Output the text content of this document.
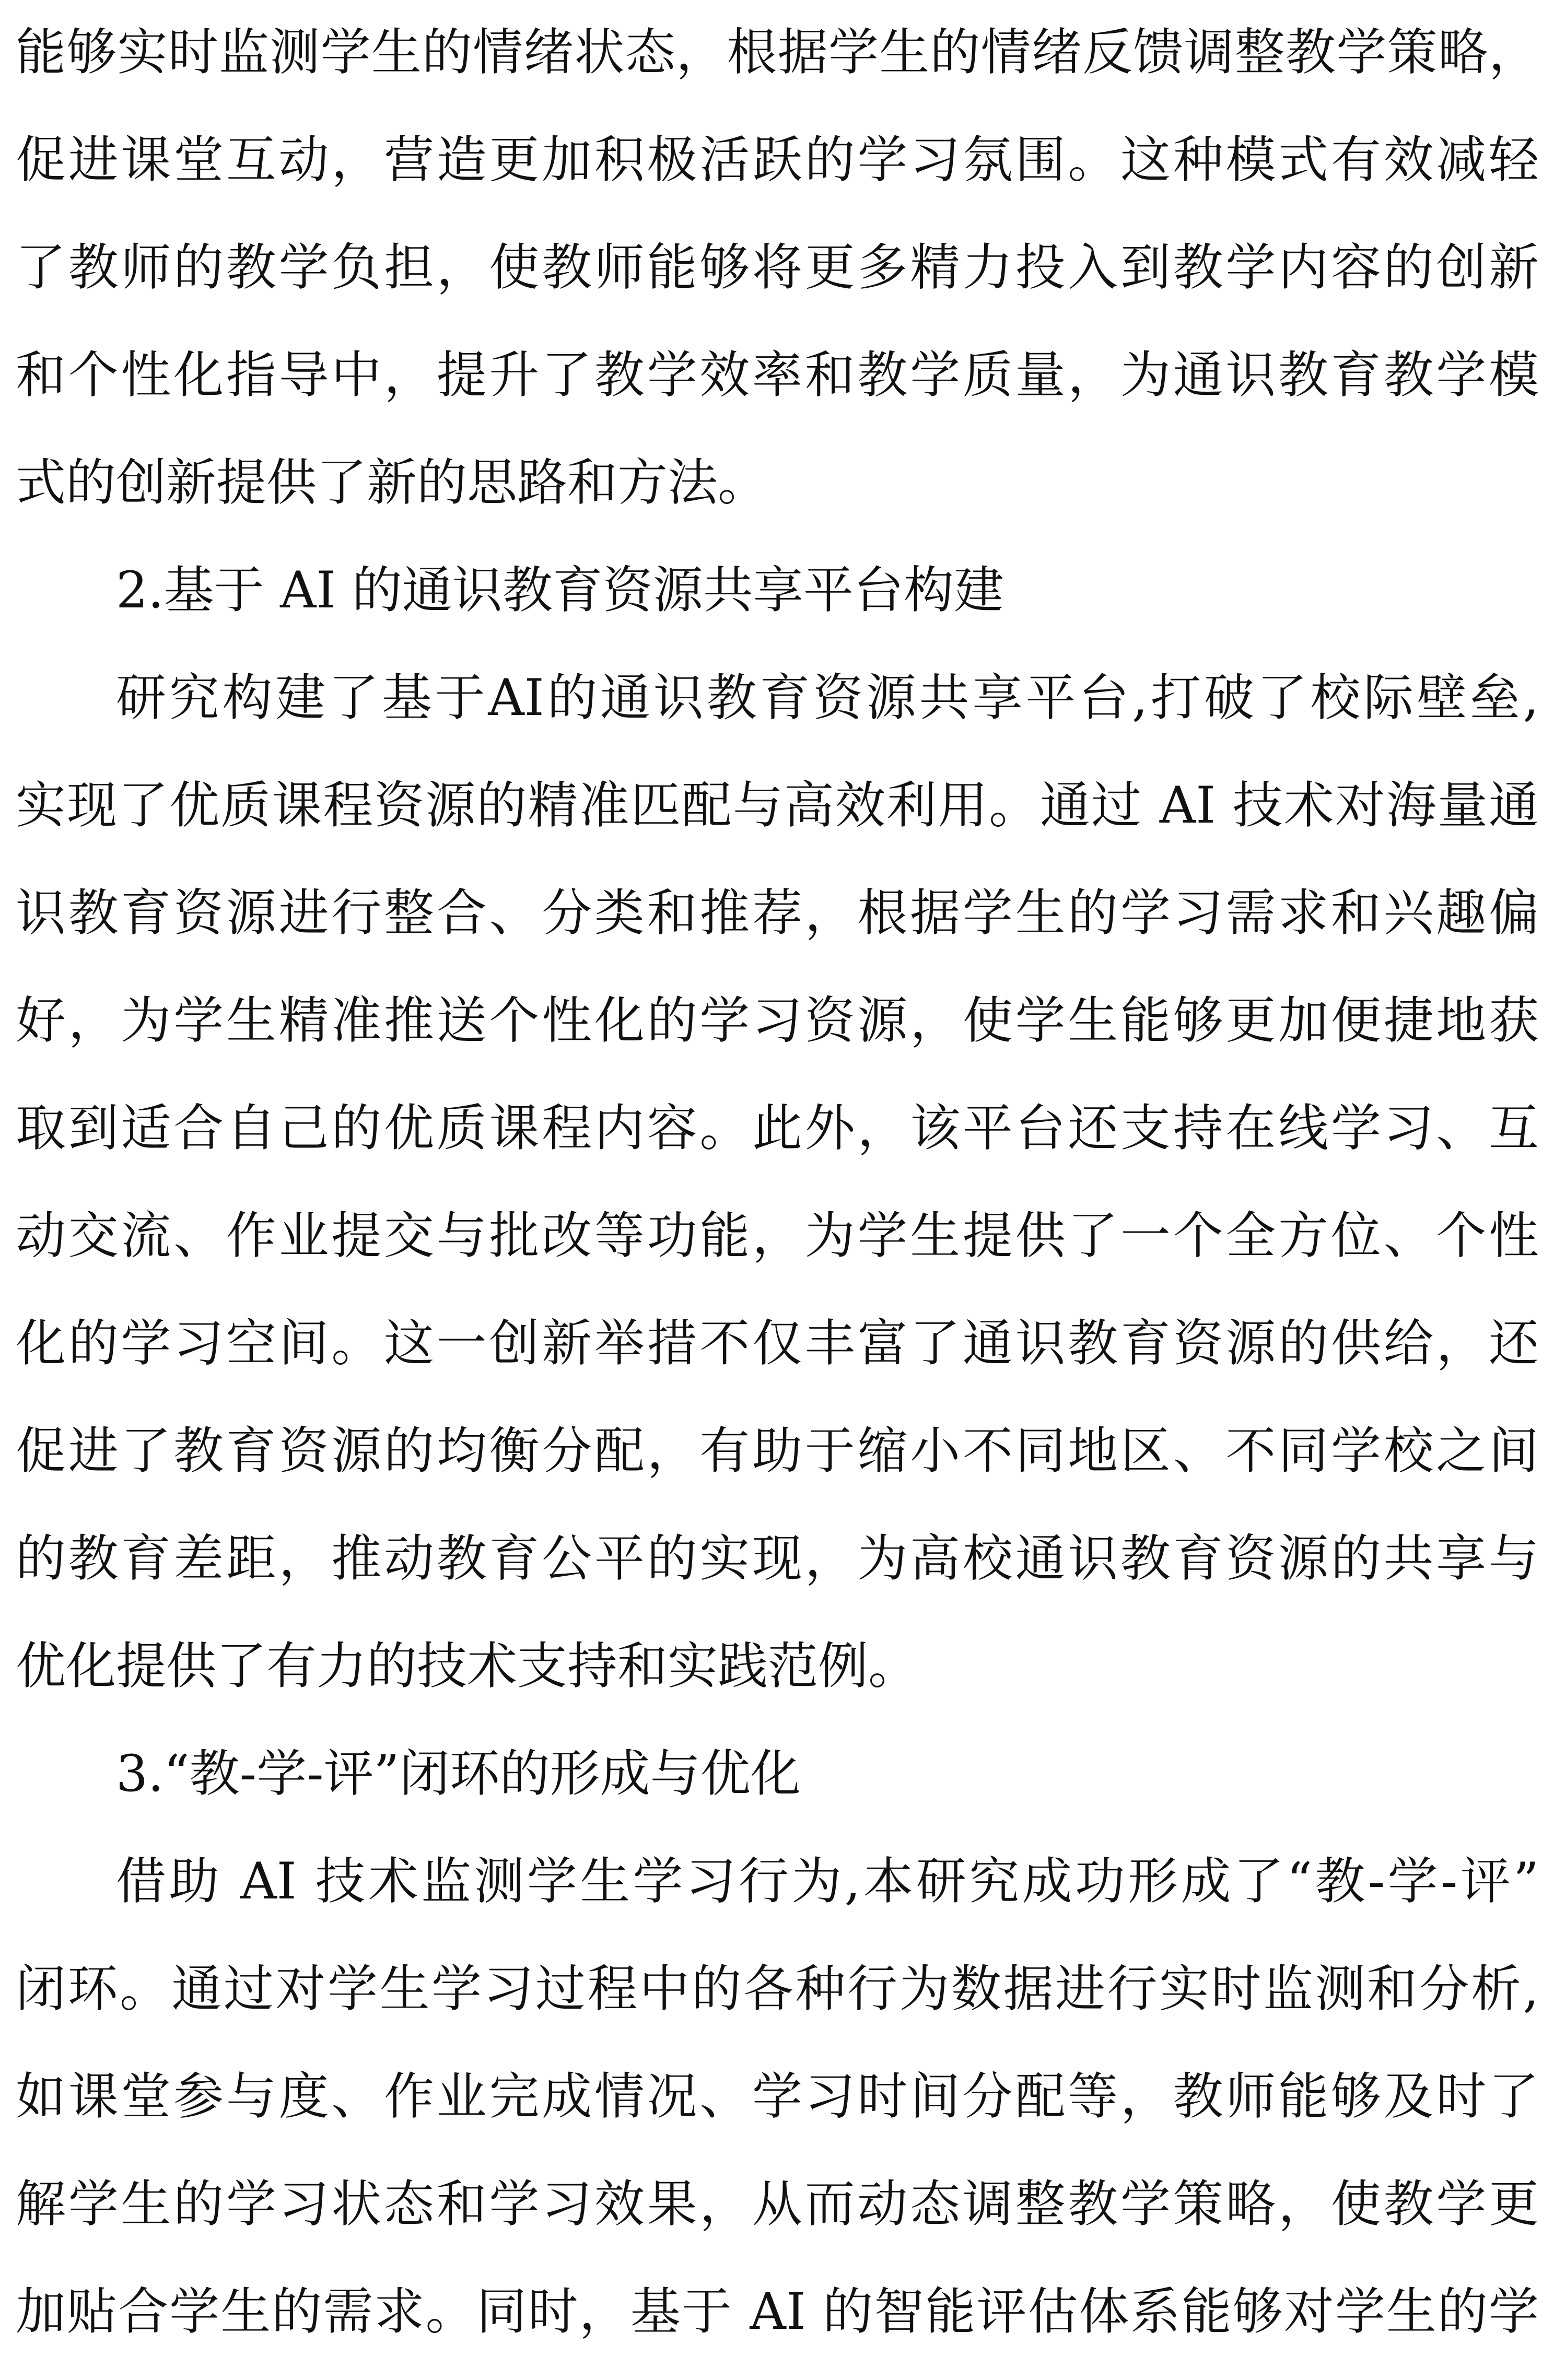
能够实时监测学生的情绪状态，根据学生的情绪反馈调整教学策略，
促进课堂互动，营造更加积极活跃的学习氛围。这种模式有效减轻
了教师的教学负担，使教师能够将更多精力投入到教学内容的创新
和个性化指导中，提升了教学效率和教学质量，为通识教育教学模
式的创新提供了新的思路和方法。
2.基于 AI 的通识教育资源共享平台构建
研究构建了基于AI的通识教育资源共享平台,打破了校际壁垒,
实现了优质课程资源的精准匹配与高效利用。通过 AI 技术对海量通
识教育资源进行整合、分类和推荐，根据学生的学习需求和兴趣偏
好，为学生精准推送个性化的学习资源，使学生能够更加便捷地获
取到适合自己的优质课程内容。此外，该平台还支持在线学习、互
动交流、作业提交与批改等功能，为学生提供了一个全方位、个性
化的学习空间。这一创新举措不仅丰富了通识教育资源的供给，还
促进了教育资源的均衡分配，有助于缩小不同地区、不同学校之间
的教育差距，推动教育公平的实现，为高校通识教育资源的共享与
优化提供了有力的技术支持和实践范例。
3.“教-学-评”闭环的形成与优化
借助 AI 技术监测学生学习行为,本研究成功形成了“教-学-评”
闭环。通过对学生学习过程中的各种行为数据进行实时监测和分析,
如课堂参与度、作业完成情况、学习时间分配等，教师能够及时了
解学生的学习状态和学习效果，从而动态调整教学策略，使教学更
加贴合学生的需求。同时，基于 AI 的智能评估体系能够对学生的学
